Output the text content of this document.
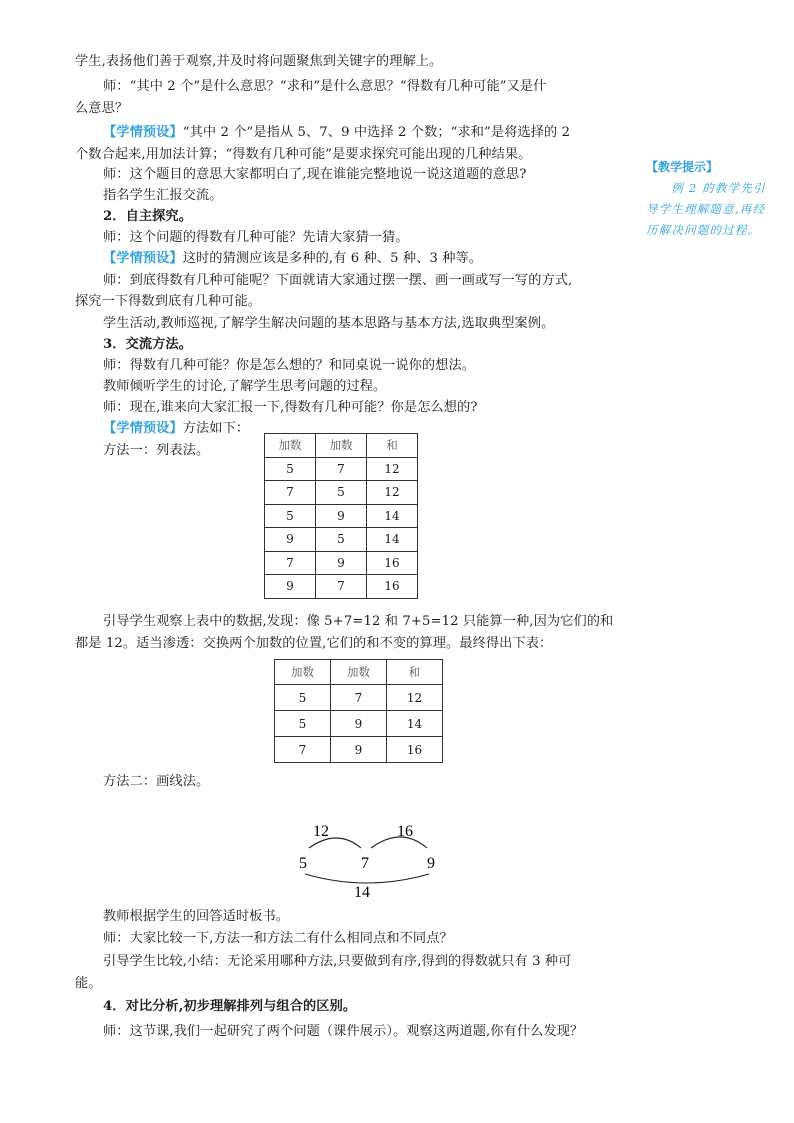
学生,表扬他们善于观察,并及时将问题聚焦到关键字的理解上。
师：“其中 2 个”是什么意思？“求和”是什么意思？“得数有几种可能”又是什
么意思？
【学情预设】“其中 2 个”是指从 5、7、9 中选择 2 个数；“求和”是将选择的 2
个数合起来,用加法计算；“得数有几种可能”是要求探究可能出现的几种结果。
师：这个题目的意思大家都明白了,现在谁能完整地说一说这道题的意思?
指名学生汇报交流。
2．自主探究。
师：这个问题的得数有几种可能？先请大家猜一猜。
【学情预设】这时的猜测应该是多种的,有 6 种、5 种、3 种等。
师：到底得数有几种可能呢？下面就请大家通过摆一摆、画一画或写一写的方式,
探究一下得数到底有几种可能。
学生活动,教师巡视,了解学生解决问题的基本思路与基本方法,选取典型案例。
3．交流方法。
师：得数有几种可能？你是怎么想的？和同桌说一说你的想法。
教师倾听学生的讨论,了解学生思考问题的过程。
师：现在,谁来向大家汇报一下,得数有几种可能？你是怎么想的?
【学情预设】方法如下：
方法一：列表法。	加数	加数	和
5	7	12
7	5	12
5	9	14
9	5	14
7	9	16
9	7	16
引导学生观察上表中的数据,发现：像 5+7=12 和 7+5=12 只能算一种,因为它们的和
都是 12。适当渗透：交换两个加数的位置,它们的和不变的算理。最终得出下表：
加数	加数	和
5	7	12
5	9	14
7	9	16
方法二：画线法。
教师根据学生的回答适时板书。
师：大家比较一下,方法一和方法二有什么相同点和不同点？
引导学生比较,小结：无论采用哪种方法,只要做到有序,得到的得数就只有 3 种可
能。
4．对比分析,初步理解排列与组合的区别。
师：这节课,我们一起研究了两个问题（课件展示）。观察这两道题,你有什么发现？
12	16
5	7	9
14
【教学提示】
例 2 的教学先引导学生理解题意,再经历解决问题的过程。
